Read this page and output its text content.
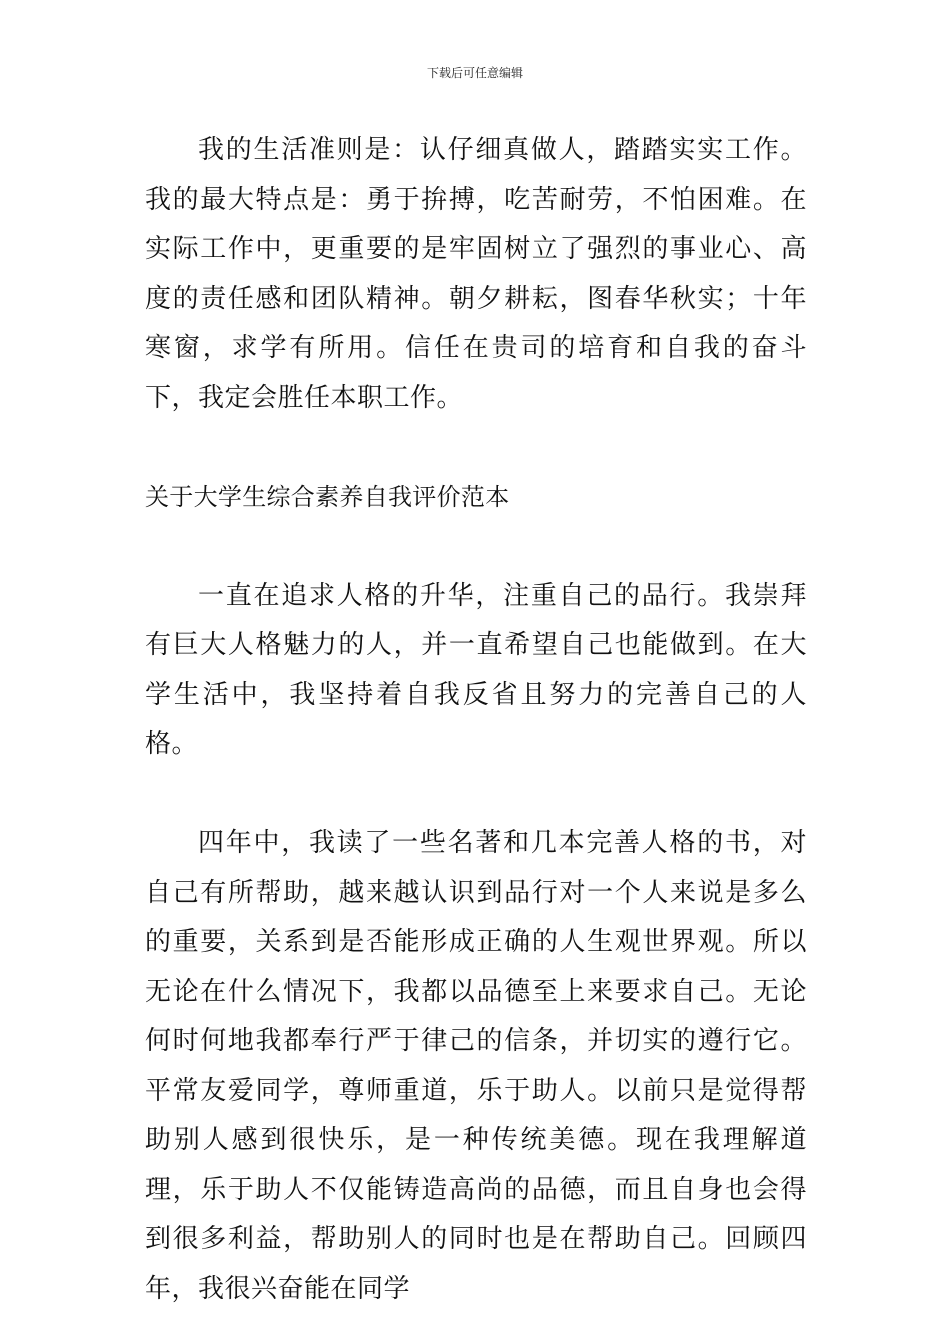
下载后可任意编辑

我的生活准则是：认仔细真做人，踏踏实实工作。我的最大特点是：勇于拚搏，吃苦耐劳，不怕困难。在实际工作中，更重要的是牢固树立了强烈的事业心、高度的责任感和团队精神。朝夕耕耘，图春华秋实；十年寒窗，求学有所用。信任在贵司的培育和自我的奋斗下，我定会胜任本职工作。

关于大学生综合素养自我评价范本

一直在追求人格的升华，注重自己的品行。我崇拜有巨大人格魅力的人，并一直希望自己也能做到。在大学生活中，我坚持着自我反省且努力的完善自己的人格。

四年中，我读了一些名著和几本完善人格的书，对自己有所帮助，越来越认识到品行对一个人来说是多么的重要，关系到是否能形成正确的人生观世界观。所以无论在什么情况下，我都以品德至上来要求自己。无论何时何地我都奉行严于律己的信条，并切实的遵行它。平常友爱同学，尊师重道，乐于助人。以前只是觉得帮助别人感到很快乐，是一种传统美德。现在我理解道理，乐于助人不仅能铸造高尚的品德，而且自身也会得到很多利益，帮助别人的同时也是在帮助自己。回顾四年，我很兴奋能在同学
